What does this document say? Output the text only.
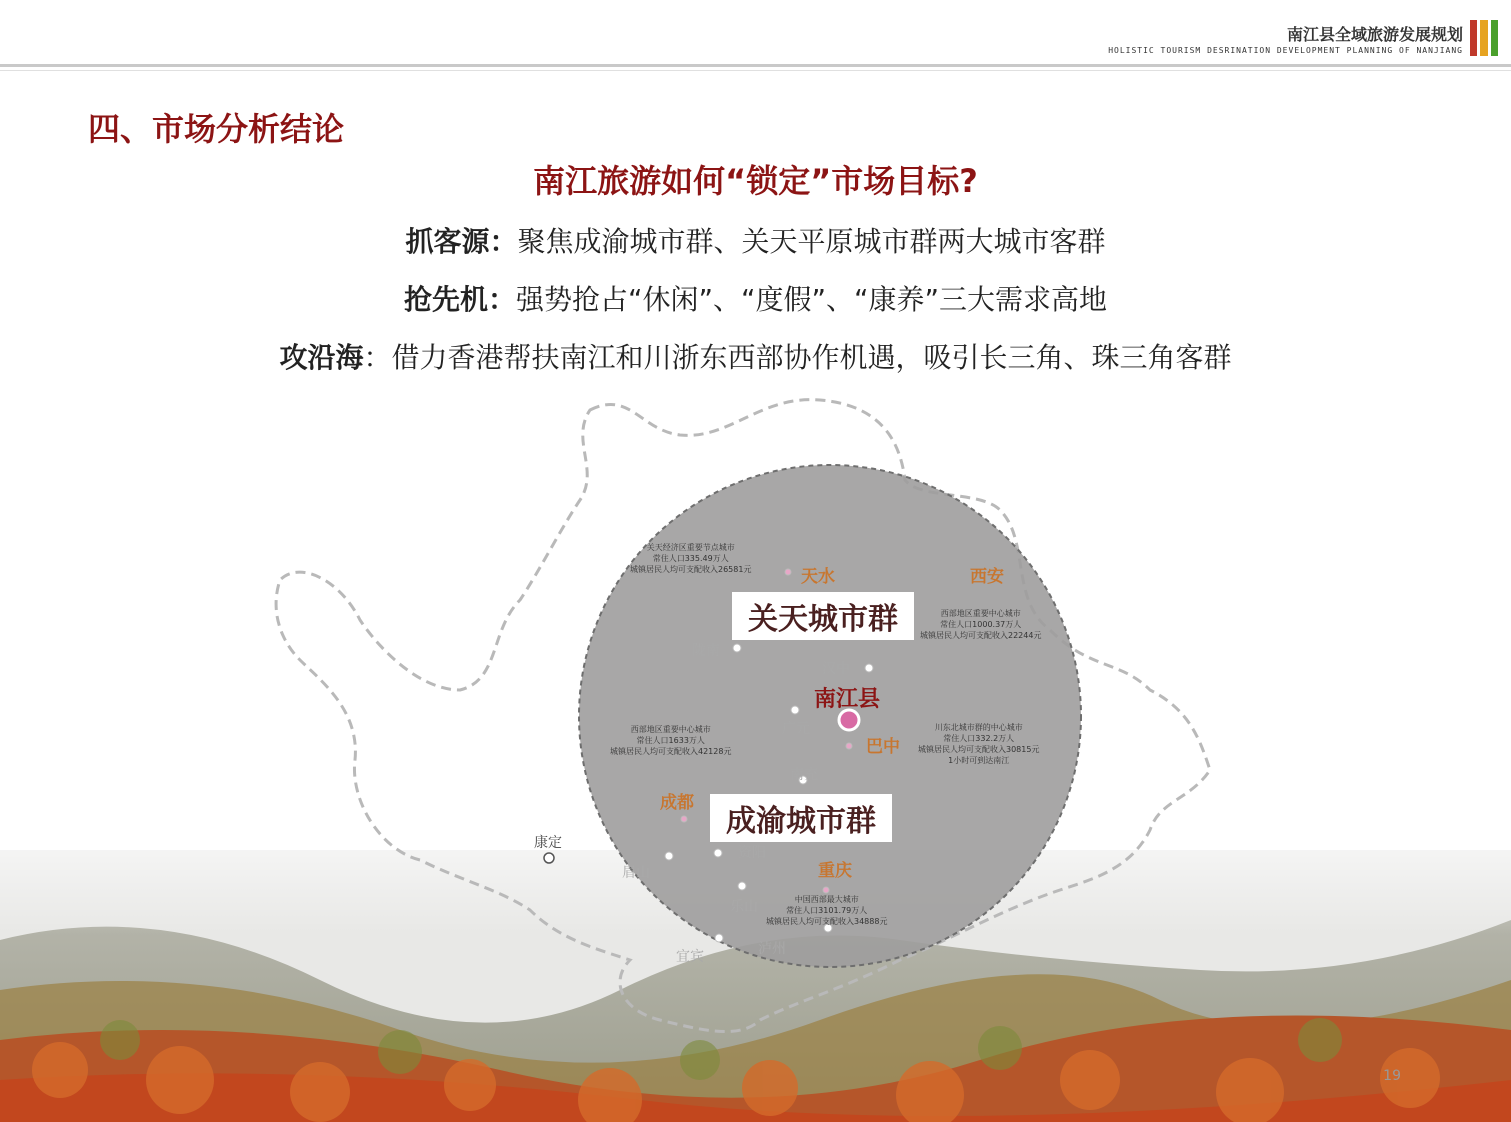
南江县全域旅游发展规划
HOLISTIC TOURISM DESRINATION DEVELOPMENT PLANNING OF NANJIANG
四、市场分析结论
南江旅游如何“锁定”市场目标?
抓客源：聚焦成渝城市群、关天平原城市群两大城市客群
抢先机：强势抢占“休闲”、“度假”、“康养”三大需求高地
攻沿海：借力香港帮扶南江和川浙东西部协作机遇，吸引长三角、珠三角客群
关天城市群
成渝城市群
南江县
天水	西安
巴中
成都
重庆
陇南
汉中
广元
南充
资阳
眉山
乐山
宜宾	泸州
康定
关天经济区重要节点城市
常住人口335.49万人
城镇居民人均可支配收入26581元
西部地区重要中心城市
常住人口1000.37万人
城镇居民人均可支配收入22244元
西部地区重要中心城市
常住人口1633万人
城镇居民人均可支配收入42128元
川东北城市群的中心城市
常住人口332.2万人
城镇居民人均可支配收入30815元
1小时可到达南江
中国西部最大城市
常住人口3101.79万人
城镇居民人均可支配收入34888元
19
